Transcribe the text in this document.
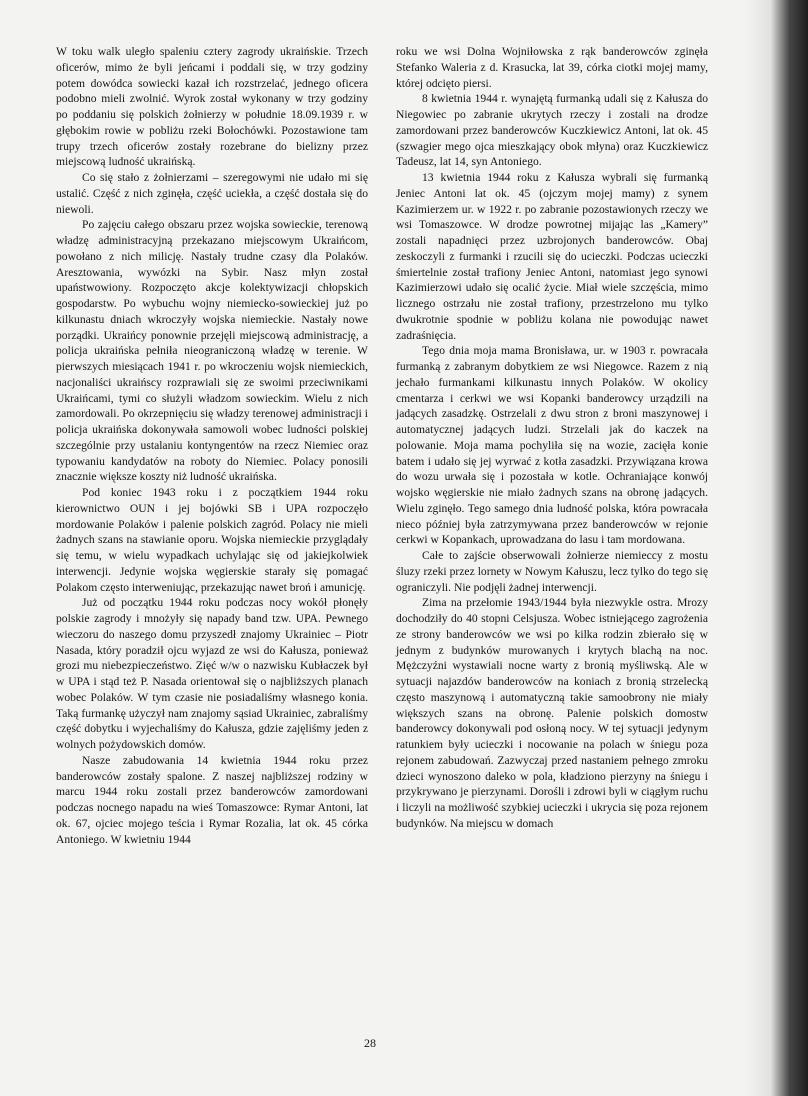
W toku walk uległo spaleniu cztery zagrody ukraińskie. Trzech oficerów, mimo że byli jeńcami i poddali się, w trzy godziny potem dowódca sowiecki kazał ich rozstrzelać, jednego oficera podobno mieli zwolnić. Wyrok został wykonany w trzy godziny po poddaniu się polskich żołnierzy w południe 18.09.1939 r. w głębokim rowie w pobliżu rzeki Bołochówki. Pozostawione tam trupy trzech oficerów zostały rozebrane do bielizny przez miejscową ludność ukraińską.

Co się stało z żołnierzami – szeregowymi nie udało mi się ustalić. Część z nich zginęła, część uciekła, a część dostała się do niewoli.

Po zajęciu całego obszaru przez wojska sowieckie, terenową władzę administracyjną przekazano miejscowym Ukraińcom, powołano z nich milicję. Nastały trudne czasy dla Polaków. Aresztowania, wywózki na Sybir. Nasz młyn został upaństwowiony. Rozpoczęto akcje kolektywizacji chłopskich gospodarstw. Po wybuchu wojny niemiecko-sowieckiej już po kilkunastu dniach wkroczyły wojska niemieckie. Nastały nowe porządki. Ukraińcy ponownie przejęli miejscową administrację, a policja ukraińska pełniła nieograniczoną władzę w terenie. W pierwszych miesiącach 1941 r. po wkroczeniu wojsk niemieckich, nacjonaliści ukraińscy rozprawiali się ze swoimi przeciwnikami Ukraińcami, tymi co służyli władzom sowieckim. Wielu z nich zamordowali. Po okrzepnięciu się władzy terenowej administracji i policja ukraińska dokonywała samowoli wobec ludności polskiej szczególnie przy ustalaniu kontyngentów na rzecz Niemiec oraz typowaniu kandydatów na roboty do Niemiec. Polacy ponosili znacznie większe koszty niż ludność ukraińska.

Pod koniec 1943 roku i z początkiem 1944 roku kierownictwo OUN i jej bojówki SB i UPA rozpoczęło mordowanie Polaków i palenie polskich zagród. Polacy nie mieli żadnych szans na stawianie oporu. Wojska niemieckie przyglądały się temu, w wielu wypadkach uchylając się od jakiejkolwiek interwencji. Jedynie wojska węgierskie starały się pomagać Polakom często interweniując, przekazując nawet broń i amunicję.

Już od początku 1944 roku podczas nocy wokół płonęły polskie zagrody i mnożyły się napady band tzw. UPA. Pewnego wieczoru do naszego domu przyszedł znajomy Ukrainiec – Piotr Nasada, który poradził ojcu wyjazd ze wsi do Kałusza, ponieważ grozi mu niebezpieczeństwo. Zięć w/w o nazwisku Kubłaczek był w UPA i stąd też P. Nasada orientował się o najbliższych planach wobec Polaków. W tym czasie nie posiadaliśmy własnego konia. Taką furmankę użyczył nam znajomy sąsiad Ukrainiec, zabraliśmy część dobytku i wyjechaliśmy do Kałusza, gdzie zajęliśmy jeden z wolnych pożydowskich domów.

Nasze zabudowania 14 kwietnia 1944 roku przez banderowców zostały spalone. Z naszej najbliższej rodziny w marcu 1944 roku zostali przez banderowców zamordowani podczas nocnego napadu na wieś Tomaszowce: Rymar Antoni, lat ok. 67, ojciec mojego teścia i Rymar Rozalia, lat ok. 45 córka Antoniego. W kwietniu 1944

roku we wsi Dolna Wojniłowska z rąk banderowców zginęła Stefanko Waleria z d. Krasucka, lat 39, córka ciotki mojej mamy, której odcięto piersi.

8 kwietnia 1944 r. wynajętą furmanką udali się z Kałusza do Niegowiec po zabranie ukrytych rzeczy i zostali na drodze zamordowani przez banderowców Kuczkiewicz Antoni, lat ok. 45 (szwagier mego ojca mieszkający obok młyna) oraz Kuczkiewicz Tadeusz, lat 14, syn Antoniego.

13 kwietnia 1944 roku z Kałusza wybrali się furmanką Jeniec Antoni lat ok. 45 (ojczym mojej mamy) z synem Kazimierzem ur. w 1922 r. po zabranie pozostawionych rzeczy we wsi Tomaszowce. W drodze powrotnej mijając las „Kamery” zostali napadnięci przez uzbrojonych banderowców. Obaj zeskoczyli z furmanki i rzucili się do ucieczki. Podczas ucieczki śmiertelnie został trafiony Jeniec Antoni, natomiast jego synowi Kazimierzowi udało się ocalić życie. Miał wiele szczęścia, mimo licznego ostrzału nie został trafiony, przestrzelono mu tylko dwukrotnie spodnie w pobliżu kolana nie powodując nawet zadraśnięcia.

Tego dnia moja mama Bronisława, ur. w 1903 r. powracała furmanką z zabranym dobytkiem ze wsi Niegowce. Razem z nią jechało furmankami kilkunastu innych Polaków. W okolicy cmentarza i cerkwi we wsi Kopanki banderowcy urządzili na jadących zasadzkę. Ostrzelali z dwu stron z broni maszynowej i automatycznej jadących ludzi. Strzelali jak do kaczek na polowanie. Moja mama pochyliła się na wozie, zacięła konie batem i udało się jej wyrwać z kotła zasadzki. Przywiązana krowa do wozu urwała się i pozostała w kotle. Ochraniające konwój wojsko węgierskie nie miało żadnych szans na obronę jadących. Wielu zginęło. Tego samego dnia ludność polska, która powracała nieco później była zatrzymywana przez banderowców w rejonie cerkwi w Kopankach, uprowadzana do lasu i tam mordowana.

Całe to zajście obserwowali żołnierze niemieccy z mostu śluzy rzeki przez lornety w Nowym Kałuszu, lecz tylko do tego się ograniczyli. Nie podjęli żadnej interwencji.

Zima na przełomie 1943/1944 była niezwykle ostra. Mrozy dochodziły do 40 stopni Celsjusza. Wobec istniejącego zagrożenia ze strony banderowców we wsi po kilka rodzin zbierało się w jednym z budynków murowanych i krytych blachą na noc. Mężczyźni wystawiali nocne warty z bronią myśliwską. Ale w sytuacji najazdów banderowców na koniach z bronią strzelecką często maszynową i automatyczną takie samoobrony nie miały większych szans na obronę. Palenie polskich domostw banderowcy dokonywali pod osłoną nocy. W tej sytuacji jedynym ratunkiem były ucieczki i nocowanie na polach w śniegu poza rejonem zabudowań. Zazwyczaj przed nastaniem pełnego zmroku dzieci wynoszono daleko w pola, kładziono pierzyny na śniegu i przykrywano je pierzynami. Doroślі i zdrowi byli w ciągłym ruchu i liczyli na możliwość szybkiej ucieczki i ukrycia się poza rejonem budynków. Na miejscu w domach

28
